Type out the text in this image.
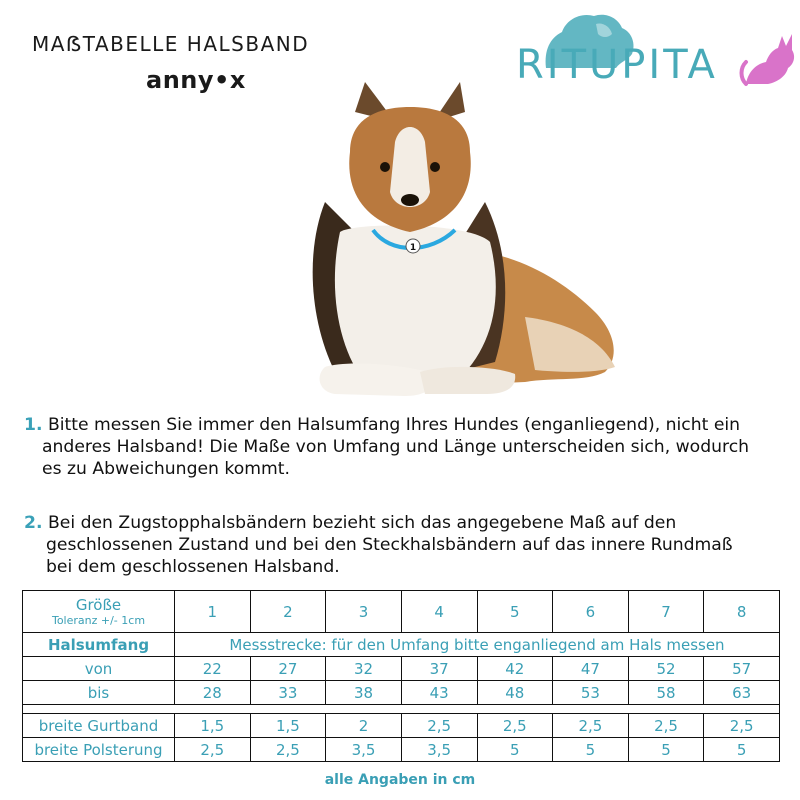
MAẞTABELLE HALSBAND
anny•x	RITUPITA
1
1. Bitte messen Sie immer den Halsumfang Ihres Hundes (enganliegend), nicht ein
anderes Halsband! Die Maße von Umfang und Länge unterscheiden sich, wodurch
es zu Abweichungen kommt.
2. Bei den Zugstopphalsbändern bezieht sich das angegebene Maß auf den
geschlossenen Zustand und bei den Steckhalsbändern auf das innere Rundmaß
bei dem geschlossenen Halsband.
Größe
Toleranz +/- 1cm	1	2	3	4	5	6	7	8
Halsumfang	Messstrecke: für den Umfang bitte enganliegend am Hals messen							
von	22	27	32	37	42	47	52	57
bis	28	33	38	43	48	53	58	63

breite Gurtband	1,5	1,5	2	2,5	2,5	2,5	2,5	2,5
breite Polsterung	2,5	2,5	3,5	3,5	5	5	5	5
alle Angaben in cm
